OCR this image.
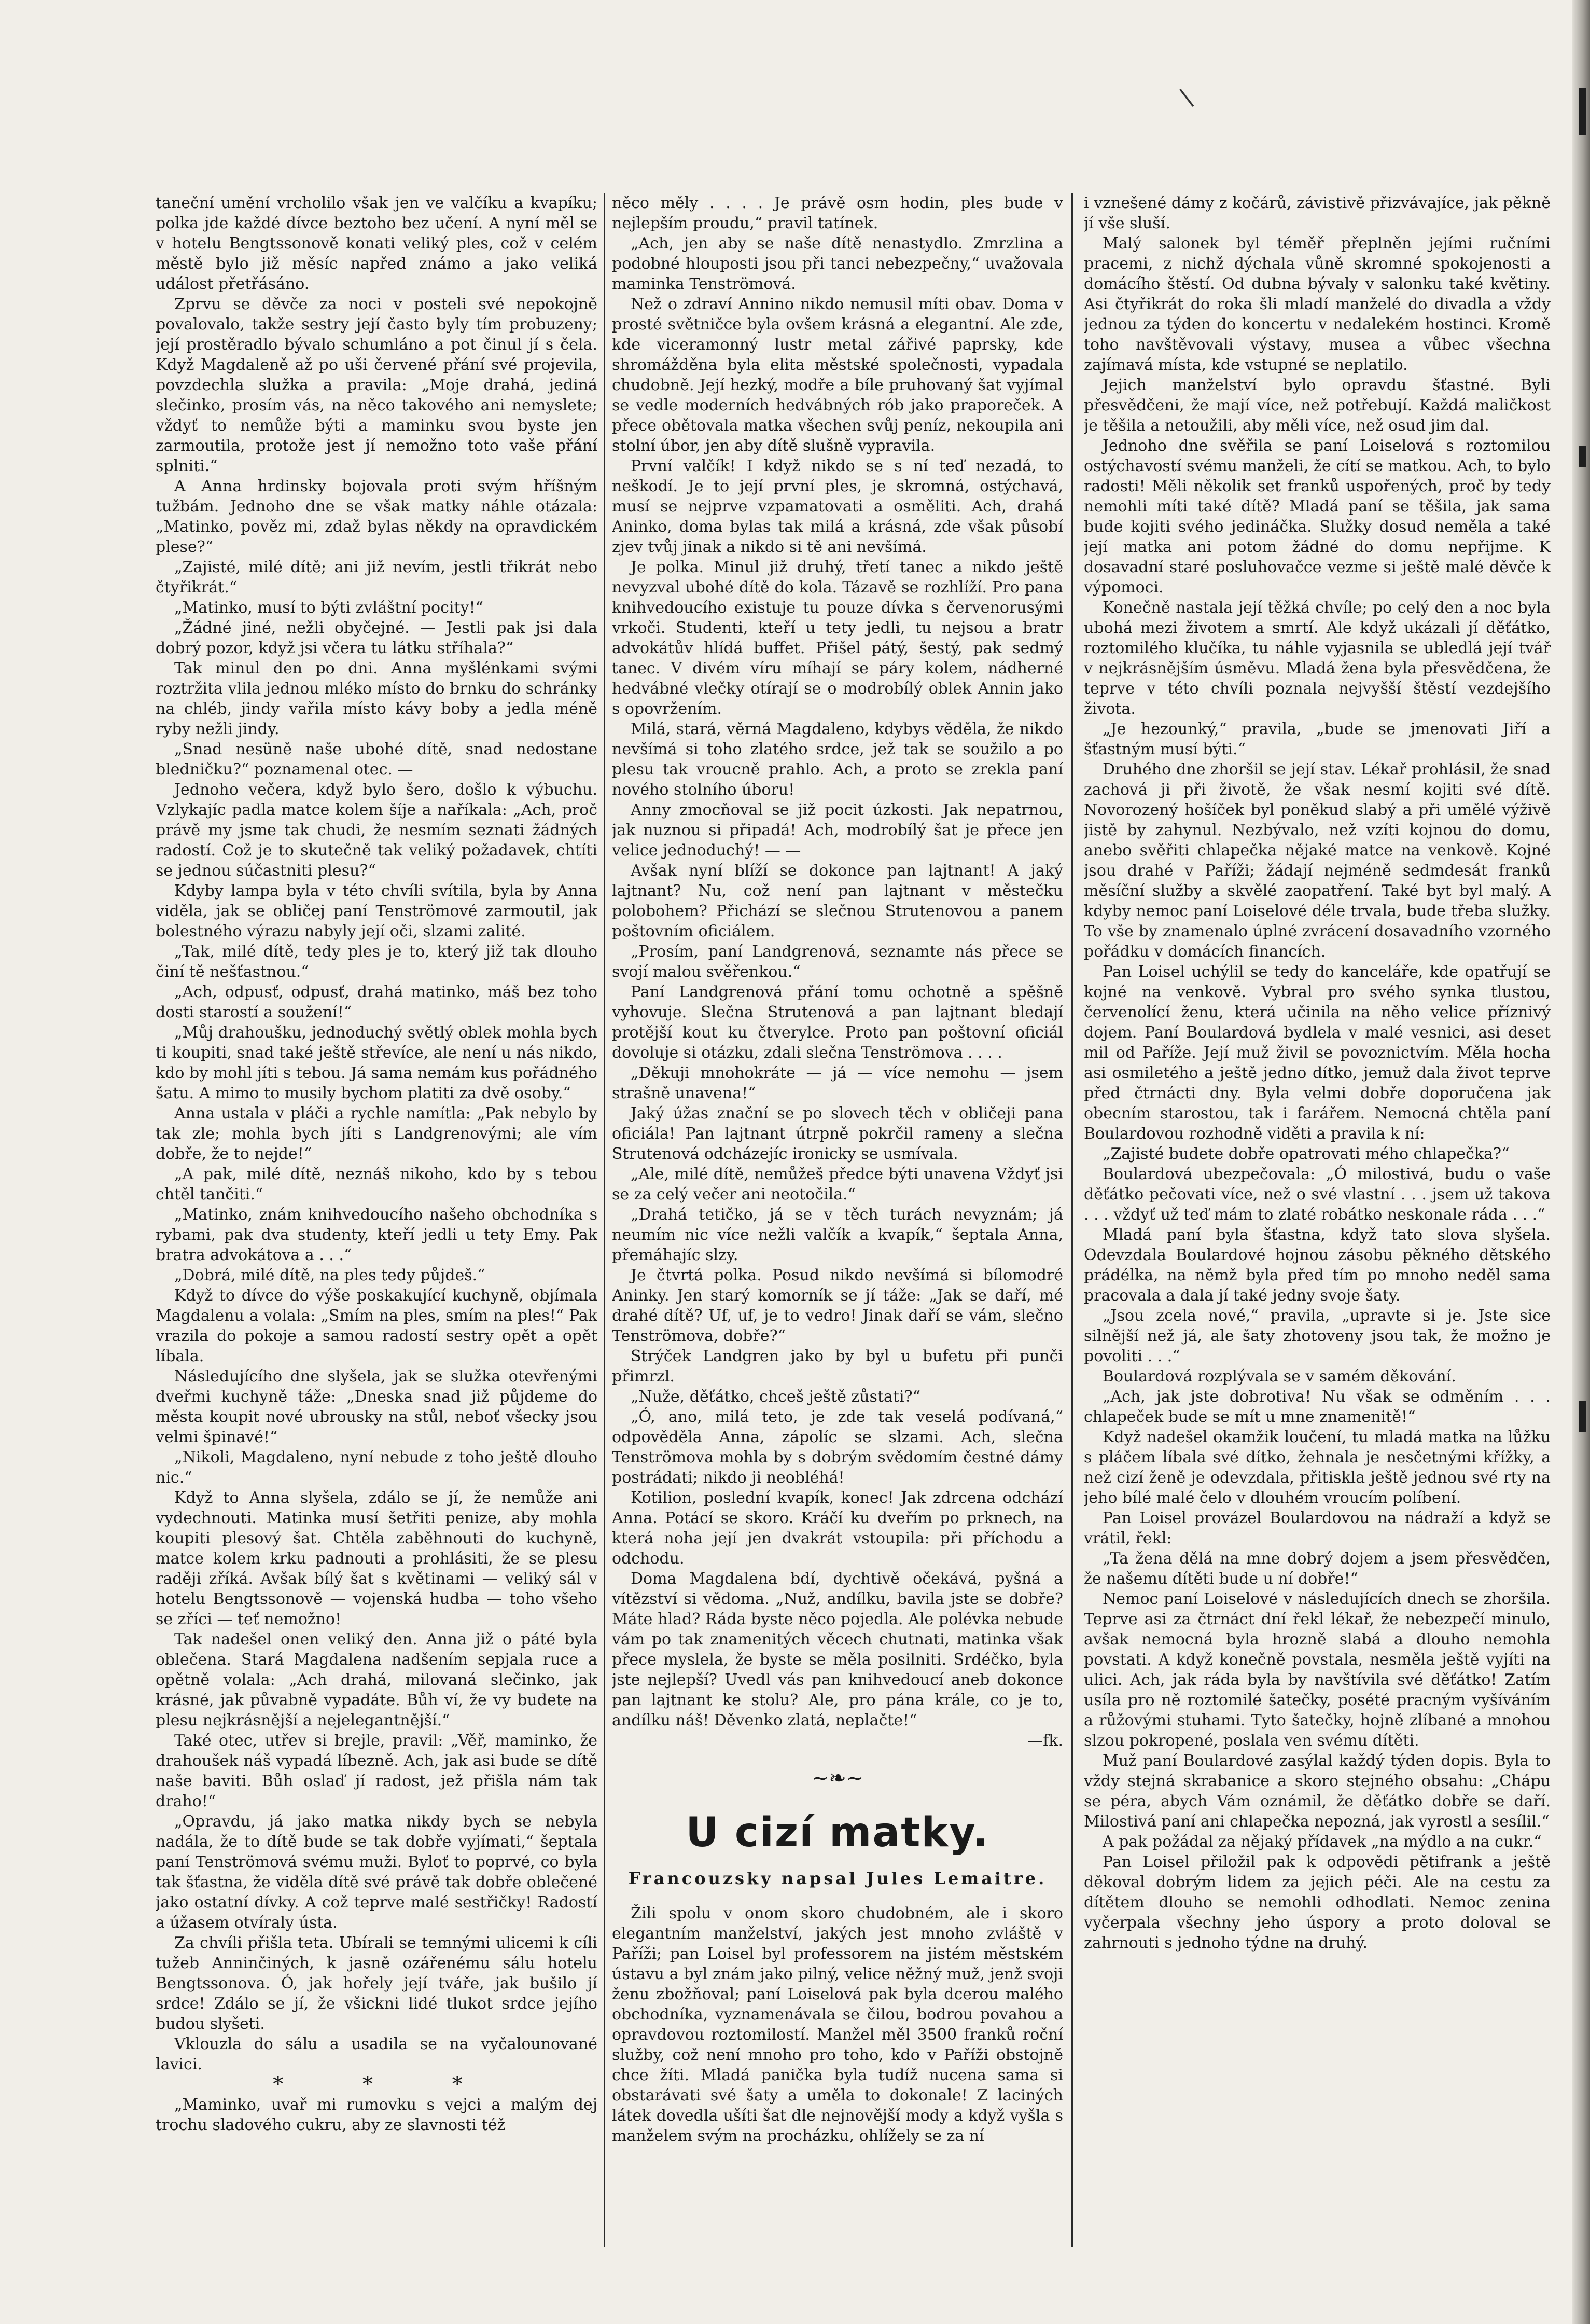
\

taneční umění vrcholilo však jen ve valčíku a kvapíku; polka jde každé dívce beztoho bez učení. A nyní měl se v hotelu Bengtssonově konati veliký ples, což v celém městě bylo již měsíc napřed známo a jako veliká událost přetřásáno.

Zprvu se děvče za noci v posteli své nepokojně povalovalo, takže sestry její často byly tím probuzeny; její prostěradlo bývalo schumláno a pot činul jí s čela. Když Magdaleně až po uši červené přání své projevila, povzdechla služka a pravila: „Moje drahá, jediná slečinko, prosím vás, na něco takového ani nemyslete; vždyť to nemůže býti a maminku svou byste jen zarmoutila, protože jest jí nemožno toto vaše přání splniti.“

A Anna hrdinsky bojovala proti svým hříšným tužbám. Jednoho dne se však matky náhle otázala: „Matinko, pověz mi, zdaž bylas někdy na opravdickém plese?“

„Zajisté, milé dítě; ani již nevím, jestli třikrát nebo čtyřikrát.“

„Matinko, musí to býti zvláštní pocity!“

„Žádné jiné, nežli obyčejné. — Jestli pak jsi dala dobrý pozor, když jsi včera tu látku stříhala?“

Tak minul den po dni. Anna myšlénkami svými roztržita vlila jednou mléko místo do brnku do schránky na chléb, jindy vařila místo kávy boby a jedla méně ryby nežli jindy.

„Snad nesüně naše ubohé dítě, snad nedostane bledničku?“ poznamenal otec. —

Jednoho večera, když bylo šero, došlo k výbuchu. Vzlykajíc padla matce kolem šíje a naříkala: „Ach, proč právě my jsme tak chudi, že nesmím seznati žádných radostí. Což je to skutečně tak veliký požadavek, chtíti se jednou súčastniti plesu?“

Kdyby lampa byla v této chvíli svítila, byla by Anna viděla, jak se obličej paní Tenströmové zarmoutil, jak bolestného výrazu nabyly její oči, slzami zalité.

„Tak, milé dítě, tedy ples je to, který již tak dlouho činí tě nešťastnou.“

„Ach, odpusť, odpusť, drahá matinko, máš bez toho dosti starostí a soužení!“

„Můj drahoušku, jednoduchý světlý oblek mohla bych ti koupiti, snad také ještě střevíce, ale není u nás nikdo, kdo by mohl jíti s tebou. Já sama nemám kus pořádného šatu. A mimo to musily bychom platiti za dvě osoby.“

Anna ustala v pláči a rychle namítla: „Pak nebylo by tak zle; mohla bych jíti s Landgrenovými; ale vím dobře, že to nejde!“

„A pak, milé dítě, neznáš nikoho, kdo by s tebou chtěl tančiti.“

„Matinko, znám knihvedoucího našeho obchodníka s rybami, pak dva studenty, kteří jedli u tety Emy. Pak bratra advokátova a . . .“

„Dobrá, milé dítě, na ples tedy půjdeš.“

Když to dívce do výše poskakující kuchyně, objímala Magdalenu a volala: „Smím na ples, smím na ples!“ Pak vrazila do pokoje a samou radostí sestry opět a opět líbala.

Následujícího dne slyšela, jak se služka otevřenými dveřmi kuchyně táže: „Dneska snad již půjdeme do města koupit nové ubrousky na stůl, neboť všecky jsou velmi špinavé!“

„Nikoli, Magdaleno, nyní nebude z toho ještě dlouho nic.“

Když to Anna slyšela, zdálo se jí, že nemůže ani vydechnouti. Matinka musí šetřiti penize, aby mohla koupiti plesový šat. Chtěla zaběhnouti do kuchyně, matce kolem krku padnouti a prohlásiti, že se plesu raději zříká. Avšak bílý šat s květinami — veliký sál v hotelu Bengtssonově — vojenská hudba — toho všeho se zříci — teť nemožno!

Tak nadešel onen veliký den. Anna již o páté byla oblečena. Stará Magdalena nadšením sepjala ruce a opětně volala: „Ach drahá, milovaná slečinko, jak krásné, jak půvabně vypadáte. Bůh ví, že vy budete na plesu nejkrásnější a nejelegantnější.“

Také otec, utřev si brejle, pravil: „Věř, maminko, že drahoušek náš vypadá líbezně. Ach, jak asi bude se dítě naše baviti. Bůh oslaď jí radost, jež přišla nám tak draho!“

„Opravdu, já jako matka nikdy bych se nebyla nadála, že to dítě bude se tak dobře vyjímati,“ šeptala paní Tenströmová svému muži. Byloť to poprvé, co byla tak šťastna, že viděla dítě své právě tak dobře oblečené jako ostatní dívky. A což teprve malé sestřičky! Radostí a úžasem otvíraly ústa.

Za chvíli přišla teta. Ubírali se temnými ulicemi k cíli tužeb Anninčiných, k jasně ozářenému sálu hotelu Bengtssonova. Ó, jak hořely její tváře, jak bušilo jí srdce! Zdálo se jí, že všickni lidé tlukot srdce jejího budou slyšeti.

Vklouzla do sálu a usadila se na vyčalounované lavici.

* * *

„Maminko, uvař mi rumovku s vejci a malým dej trochu sladového cukru, aby ze slavnosti též

něco měly . . . . Je právě osm hodin, ples bude v nejlepším proudu,“ pravil tatínek.

„Ach, jen aby se naše dítě nenastydlo. Zmrzlina a podobné hlouposti jsou při tanci nebezpečny,“ uvažovala maminka Tenströmová.

Než o zdraví Annino nikdo nemusil míti obav. Doma v prosté světničce byla ovšem krásná a elegantní. Ale zde, kde viceramonný lustr metal zářivé paprsky, kde shromážděna byla elita městské společnosti, vypadala chudobně. Její hezký, modře a bíle pruhovaný šat vyjímal se vedle moderních hedvábných rób jako praporeček. A přece obětovala matka všechen svůj peníz, nekoupila ani stolní úbor, jen aby dítě slušně vypravila.

První valčík! I když nikdo se s ní teď nezadá, to neškodí. Je to její první ples, je skromná, ostýchavá, musí se nejprve vzpamatovati a osměliti. Ach, drahá Aninko, doma bylas tak milá a krásná, zde však působí zjev tvůj jinak a nikdo si tě ani nevšímá.

Je polka. Minul již druhý, třetí tanec a nikdo ještě nevyzval ubohé dítě do kola. Tázavě se rozhlíží. Pro pana knihvedoucího existuje tu pouze dívka s červenorusými vrkoči. Studenti, kteří u tety jedli, tu nejsou a bratr advokátův hlídá buffet. Přišel pátý, šestý, pak sedmý tanec. V divém víru míhají se páry kolem, nádherné hedvábné vlečky otírají se o modrobílý oblek Annin jako s opovržením.

Milá, stará, věrná Magdaleno, kdybys věděla, že nikdo nevšímá si toho zlatého srdce, jež tak se soužilo a po plesu tak vroucně prahlo. Ach, a proto se zrekla paní nového stolního úboru!

Anny zmocňoval se již pocit úzkosti. Jak nepatrnou, jak nuznou si připadá! Ach, modrobílý šat je přece jen velice jednoduchý! — —

Avšak nyní blíží se dokonce pan lajtnant! A jaký lajtnant? Nu, což není pan lajtnant v městečku polobohem? Přichází se slečnou Strutenovou a panem poštovním oficiálem.

„Prosím, paní Landgrenová, seznamte nás přece se svojí malou svěřenkou.“

Paní Landgrenová přání tomu ochotně a spěšně vyhovuje. Slečna Strutenová a pan lajtnant bledají protější kout ku čtverylce. Proto pan poštovní oficiál dovoluje si otázku, zdali slečna Tenströmova . . . .

„Děkuji mnohokráte — já — více nemohu — jsem strašně unavena!“

Jaký úžas znační se po slovech těch v obličeji pana oficiála! Pan lajtnant útrpně pokrčil rameny a slečna Strutenová odcházejíc ironicky se usmívala.

„Ale, milé dítě, nemůžeš předce býti unavena Vždyť jsi se za celý večer ani neotočila.“

„Drahá tetičko, já se v těch turách nevyznám; já neumím nic více nežli valčík a kvapík,“ šeptala Anna, přemáhajíc slzy.

Je čtvrtá polka. Posud nikdo nevšímá si bílomodré Aninky. Jen starý komorník se jí táže: „Jak se daří, mé drahé dítě? Uf, uf, je to vedro! Jinak daří se vám, slečno Tenströmova, dobře?“

Strýček Landgren jako by byl u bufetu při punči přimrzl.

„Nuže, děťátko, chceš ještě zůstati?“

„Ó, ano, milá teto, je zde tak veselá podívaná,“ odpověděla Anna, zápolíc se slzami. Ach, slečna Tenströmova mohla by s dobrým svědomím čestné dámy postrádati; nikdo ji neobléhá!

Kotilion, poslední kvapík, konec! Jak zdrcena odchází Anna. Potácí se skoro. Kráčí ku dveřím po prknech, na která noha její jen dvakrát vstoupila: při příchodu a odchodu.

Doma Magdalena bdí, dychtivě očekává, pyšná a vítězství si vědoma. „Nuž, andílku, bavila jste se dobře? Máte hlad? Ráda byste něco pojedla. Ale polévka nebude vám po tak znamenitých věcech chutnati, matinka však přece myslela, že byste se měla posilniti. Srdéčko, byla jste nejlepší? Uvedl vás pan knihvedoucí aneb dokonce pan lajtnant ke stolu? Ale, pro pána krále, co je to, andílku náš! Děvenko zlatá, neplačte!“

—fk.

~❧~
U cizí matky.
Francouzsky napsal Jules Lemaitre.

Žili spolu v onom skoro chudobném, ale i skoro elegantním manželství, jakých jest mnoho zvláště v Paříži; pan Loisel byl professorem na jistém městském ústavu a byl znám jako pilný, velice něžný muž, jenž svoji ženu zbožňoval; paní Loiselová pak byla dcerou malého obchodníka, vyznamenávala se čilou, bodrou povahou a opravdovou roztomilostí. Manžel měl 3500 franků roční služby, což není mnoho pro toho, kdo v Paříži obstojně chce žíti. Mladá panička byla tudíž nucena sama si obstarávati své šaty a uměla to dokonale! Z laciných látek dovedla ušíti šat dle nejnovější mody a když vyšla s manželem svým na procházku, ohlížely se za ní

i vznešené dámy z kočárů, závistivě přizvávajíce, jak pěkně jí vše sluší.

Malý salonek byl téměř přeplněn jejími ručními pracemi, z nichž dýchala vůně skromné spokojenosti a domácího štěstí. Od dubna bývaly v salonku také květiny. Asi čtyřikrát do roka šli mladí manželé do divadla a vždy jednou za týden do koncertu v nedalekém hostinci. Kromě toho navštěvovali výstavy, musea a vůbec všechna zajímavá místa, kde vstupné se neplatilo.

Jejich manželství bylo opravdu šťastné. Byli přesvědčeni, že mají více, než potřebují. Každá maličkost je těšila a netoužili, aby měli více, než osud jim dal.

Jednoho dne svěřila se paní Loiselová s roztomilou ostýchavostí svému manželi, že cítí se matkou. Ach, to bylo radosti! Měli několik set franků uspořených, proč by tedy nemohli míti také dítě? Mladá paní se těšila, jak sama bude kojiti svého jedináčka. Služky dosud neměla a také její matka ani potom žádné do domu nepřijme. K dosavadní staré posluhovačce vezme si ještě malé děvče k výpomoci.

Konečně nastala její těžká chvíle; po celý den a noc byla ubohá mezi životem a smrtí. Ale když ukázali jí děťátko, roztomilého klučíka, tu náhle vyjasnila se ubledlá její tvář v nejkrásnějším úsměvu. Mladá žena byla přesvědčena, že teprve v této chvíli poznala nejvyšší štěstí vezdejšího života.

„Je hezounký,“ pravila, „bude se jmenovati Jiří a šťastným musí býti.“

Druhého dne zhoršil se její stav. Lékař prohlásil, že snad zachová ji při životě, že však nesmí kojiti své dítě. Novorozený hošíček byl poněkud slabý a při umělé výživě jistě by zahynul. Nezbývalo, než vzíti kojnou do domu, anebo svěřiti chlapečka nějaké matce na venkově. Kojné jsou drahé v Paříži; žádají nejméně sedmdesát franků měsíční služby a skvělé zaopatření. Také byt byl malý. A kdyby nemoc paní Loiselové déle trvala, bude třeba služky. To vše by znamenalo úplné zvrácení dosavadního vzorného pořádku v domácích financích.

Pan Loisel uchýlil se tedy do kanceláře, kde opatřují se kojné na venkově. Vybral pro svého synka tlustou, červenolící ženu, která učinila na něho velice příznivý dojem. Paní Boulardová bydlela v malé vesnici, asi deset mil od Paříže. Její muž živil se povoznictvím. Měla hocha asi osmiletého a ještě jedno dítko, jemuž dala život teprve před čtrnácti dny. Byla velmi dobře doporučena jak obecním starostou, tak i farářem. Nemocná chtěla paní Boulardovou rozhodně viděti a pravila k ní:

„Zajisté budete dobře opatrovati mého chlapečka?“

Boulardová ubezpečovala: „Ó milostivá, budu o vaše děťátko pečovati více, než o své vlastní . . . jsem už takova . . . vždyť už teď mám to zlaté robátko neskonale ráda . . .“

Mladá paní byla šťastna, když tato slova slyšela. Odevzdala Boulardové hojnou zásobu pěkného dětského prádélka, na němž byla před tím po mnoho neděl sama pracovala a dala jí také jedny svoje šaty.

„Jsou zcela nové,“ pravila, „upravte si je. Jste sice silnější než já, ale šaty zhotoveny jsou tak, že možno je povoliti . . .“

Boulardová rozplývala se v samém děkování.

„Ach, jak jste dobrotiva! Nu však se odměním . . . chlapeček bude se mít u mne znamenitě!“

Když nadešel okamžik loučení, tu mladá matka na lůžku s pláčem líbala své dítko, žehnala je nesčetnými křížky, a než cizí ženě je odevzdala, přitiskla ještě jednou své rty na jeho bílé malé čelo v dlouhém vroucím políbení.

Pan Loisel provázel Boulardovou na nádraží a když se vrátil, řekl:

„Ta žena dělá na mne dobrý dojem a jsem přesvědčen, že našemu dítěti bude u ní dobře!“

Nemoc paní Loiselové v následujících dnech se zhoršila. Teprve asi za čtrnáct dní řekl lékař, že nebezpečí minulo, avšak nemocná byla hrozně slabá a dlouho nemohla povstati. A když konečně povstala, nesměla ještě vyjíti na ulici. Ach, jak ráda byla by navštívila své děťátko! Zatím usíla pro ně roztomilé šatečky, posété pracným vyšíváním a růžovými stuhami. Tyto šatečky, hojně zlíbané a mnohou slzou pokropené, poslala ven svému dítěti.

Muž paní Boulardové zasýlal každý týden dopis. Byla to vždy stejná skrabanice a skoro stejného obsahu: „Chápu se péra, abych Vám oznámil, že děťátko dobře se daří. Milostivá paní ani chlapečka nepozná, jak vyrostl a sesílil.“

A pak požádal za nějaký přídavek „na mýdlo a na cukr.“

Pan Loisel přiložil pak k odpovědi pětifrank a ještě děkoval dobrým lidem za jejich péči. Ale na cestu za dítětem dlouho se nemohli odhodlati. Nemoc zenina vyčerpala všechny jeho úspory a proto doloval se zahrnouti s jednoho týdne na druhý.
